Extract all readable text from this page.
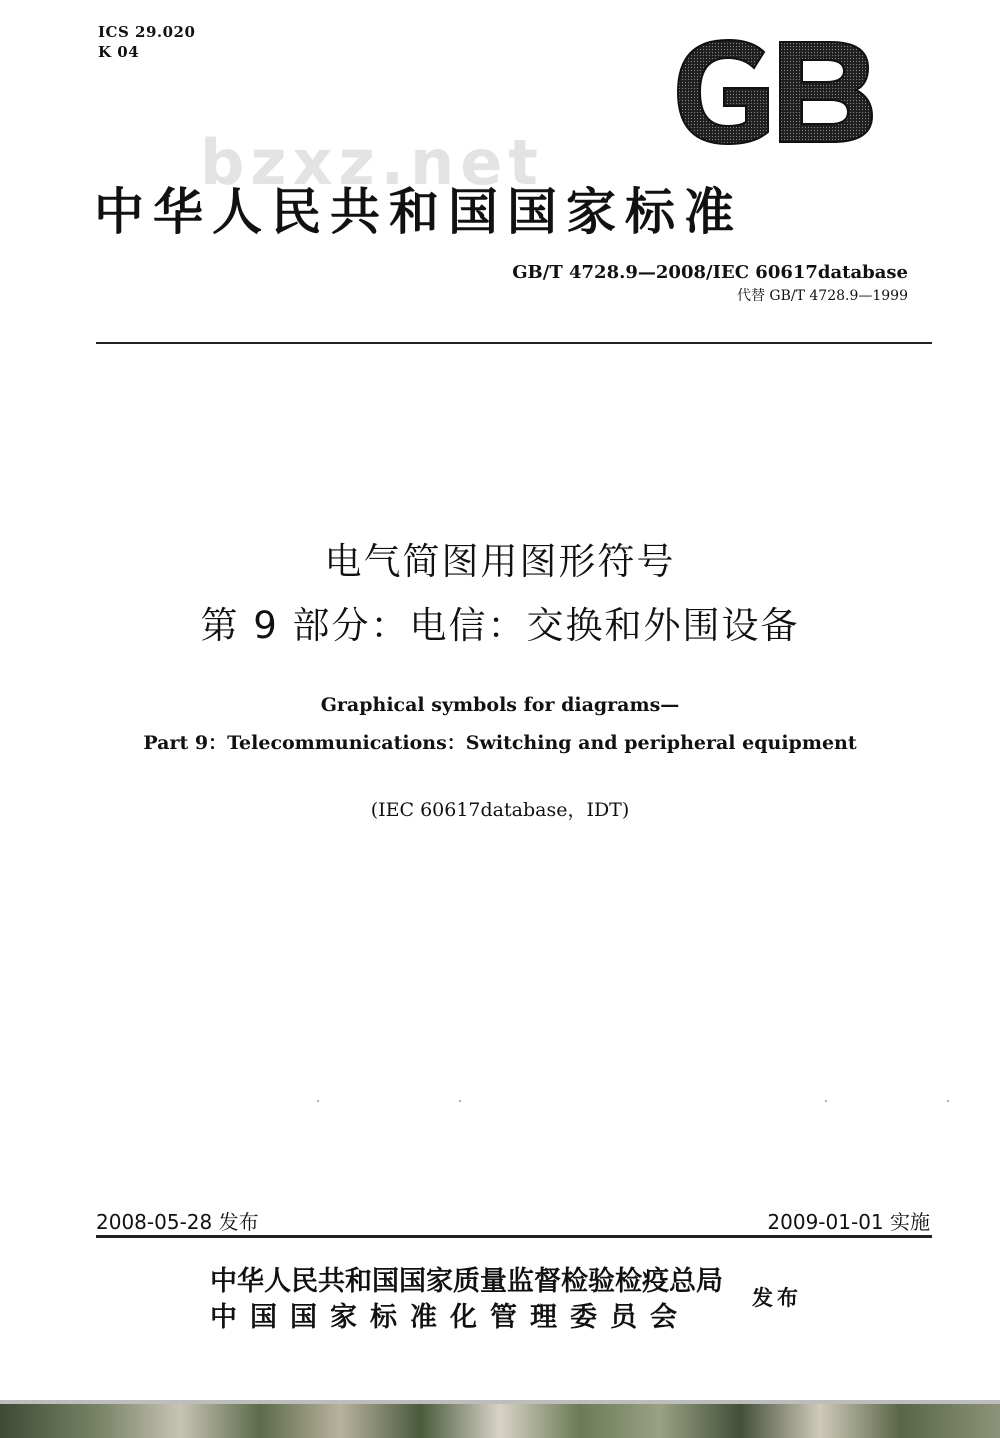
ICS 29.020
K 04
bzxz.net
中华人民共和国国家标准
GB/T 4728.9—2008/IEC 60617database
代替 GB/T 4728.9—1999
电气简图用图形符号
第 9 部分：电信：交换和外围设备
Graphical symbols for diagrams—
Part 9：Telecommunications：Switching and peripheral equipment
(IEC 60617database，IDT)
2008-05-28 发布	2009-01-01 实施
中华人民共和国国家质量监督检验检疫总局
中国国家标准化管理委员会
发布
